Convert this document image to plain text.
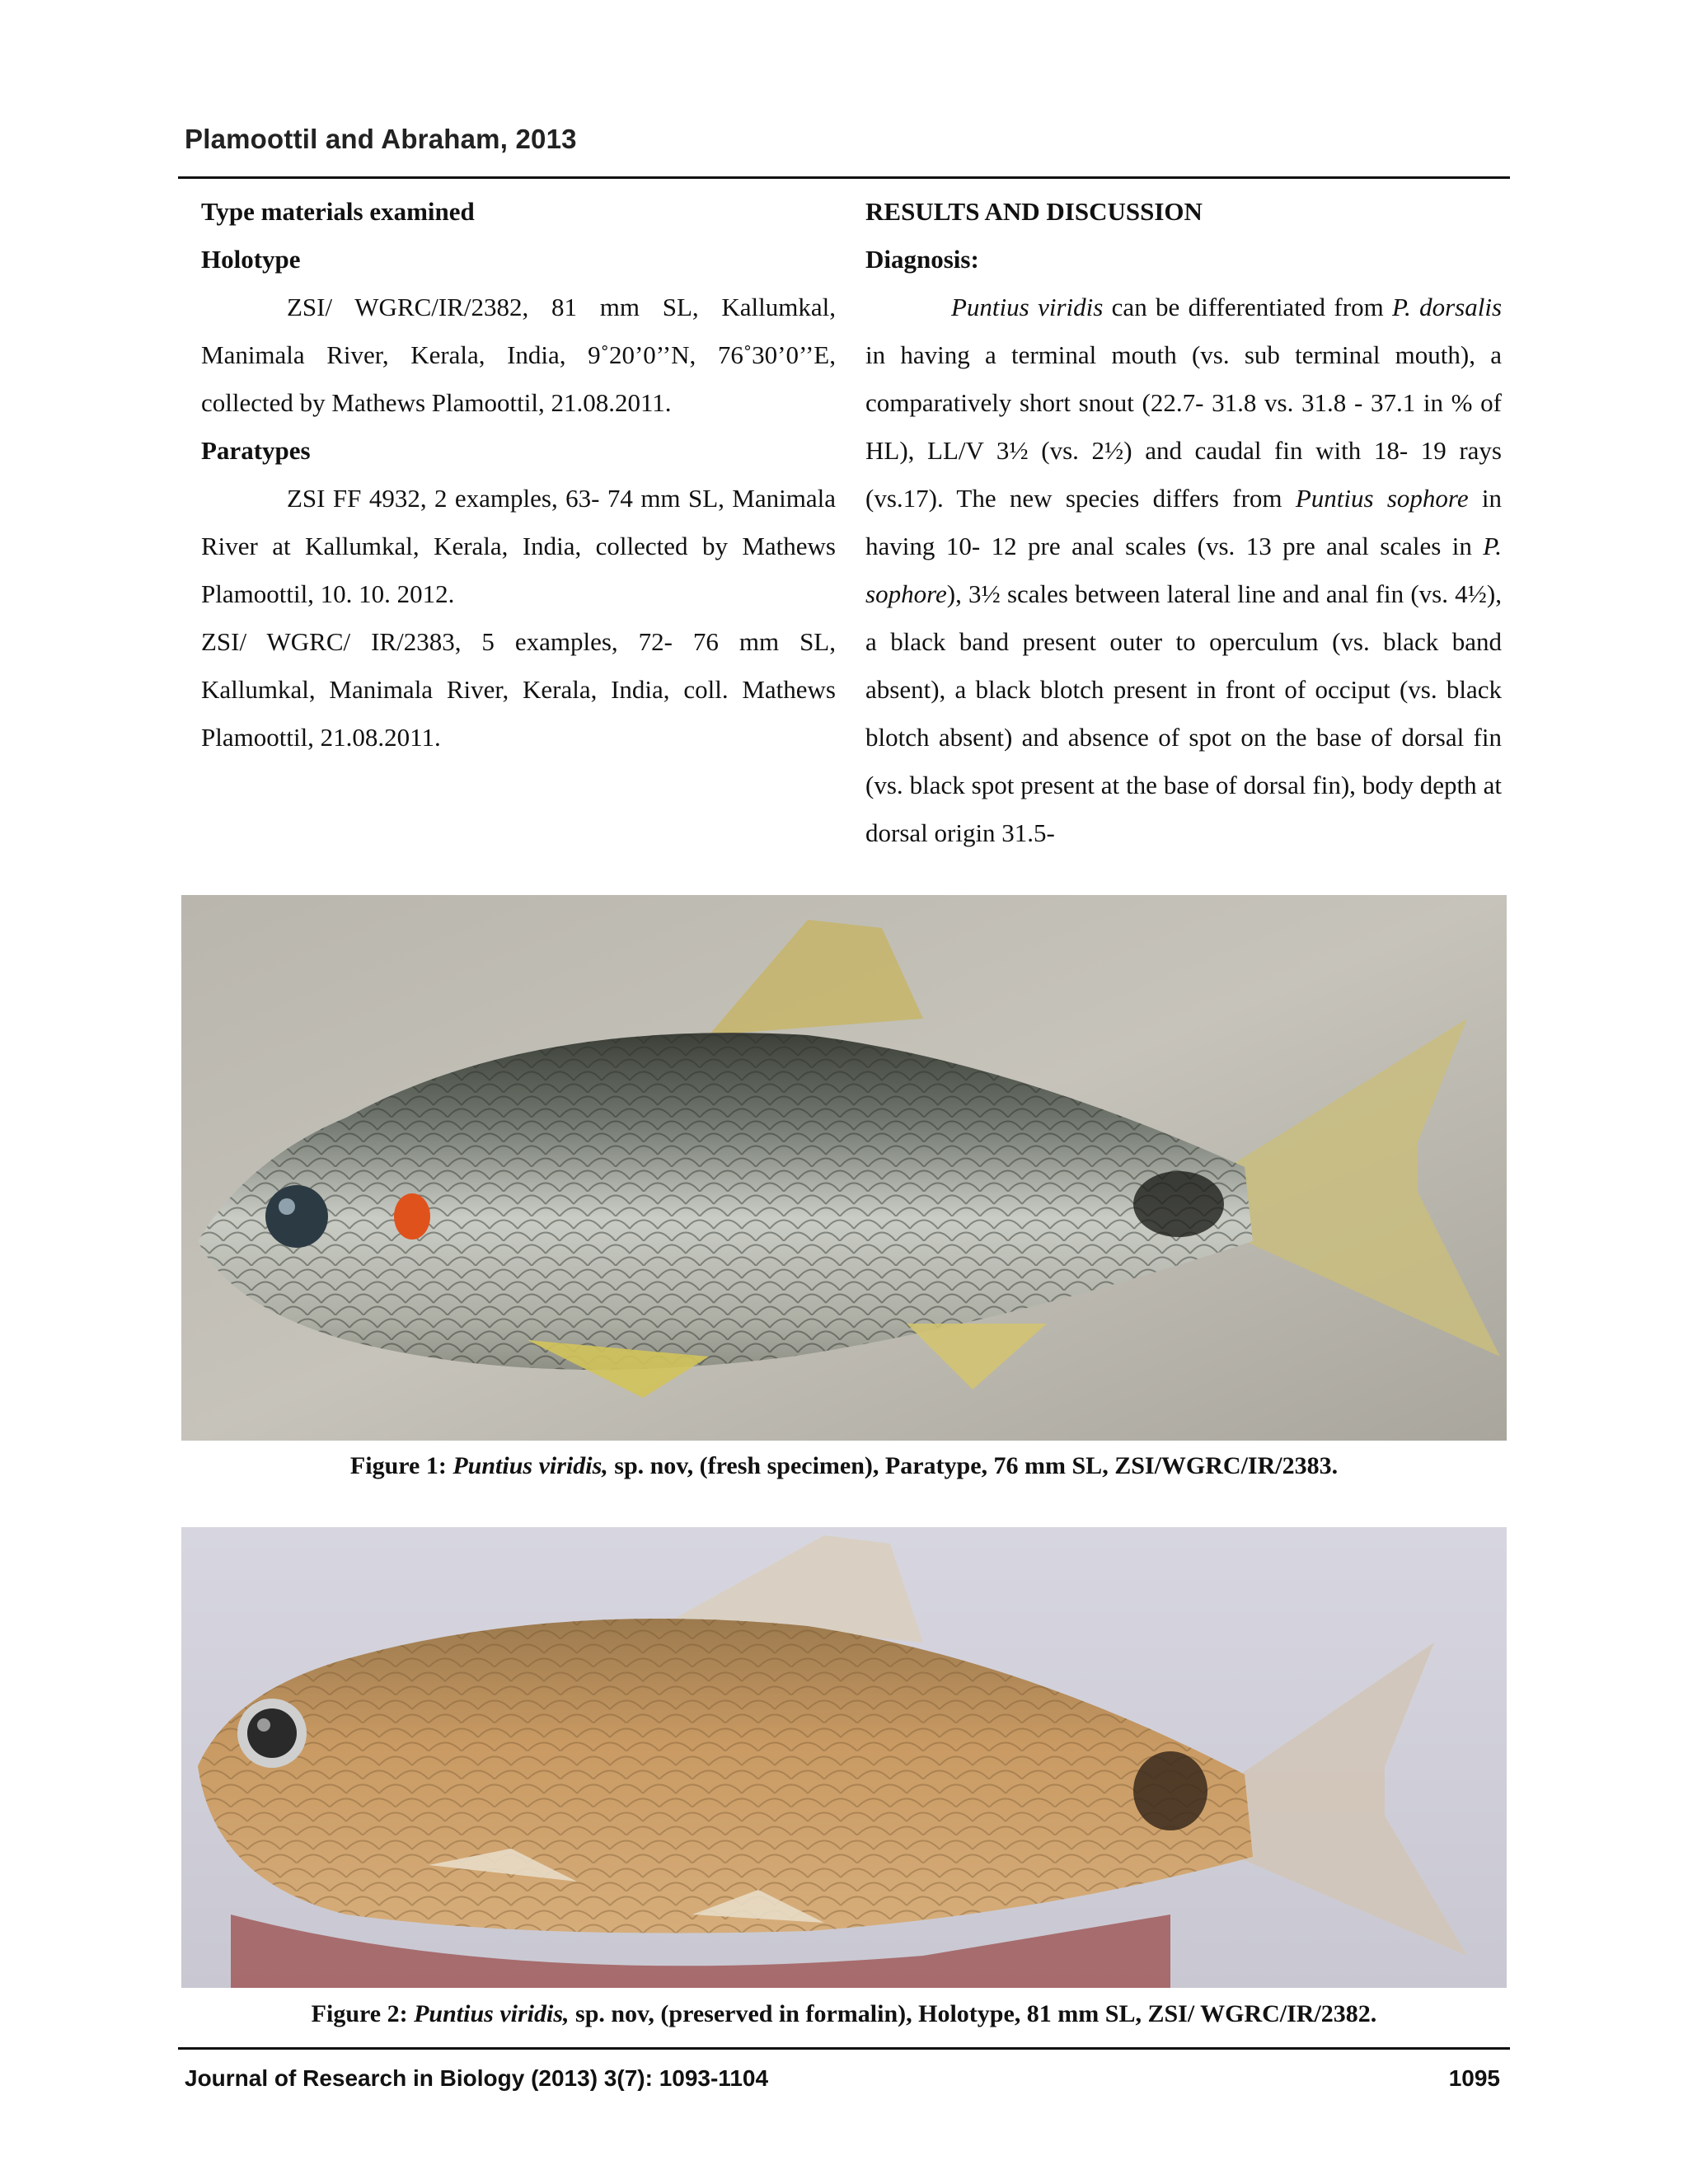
Plamoottil and Abraham, 2013

Type materials examined

Holotype

ZSI/ WGRC/IR/2382, 81 mm SL, Kallumkal, Manimala River, Kerala, India, 9˚20’0’’N, 76˚30’0’’E, collected by Mathews Plamoottil, 21.08.2011.

Paratypes

ZSI FF 4932, 2 examples, 63- 74 mm SL, Manimala River at Kallumkal, Kerala, India, collected by Mathews Plamoottil, 10. 10. 2012.

ZSI/ WGRC/ IR/2383, 5 examples, 72- 76 mm SL, Kallumkal, Manimala River, Kerala, India, coll. Mathews Plamoottil, 21.08.2011.

RESULTS AND DISCUSSION

Diagnosis:

Puntius viridis can be differentiated from P. dorsalis in having a terminal mouth (vs. sub terminal mouth), a comparatively short snout (22.7- 31.8 vs. 31.8 - 37.1 in % of HL), LL/V 3½ (vs. 2½) and caudal fin with 18- 19 rays (vs.17). The new species differs from Puntius sophore in having 10- 12 pre anal scales (vs. 13 pre anal scales in P. sophore), 3½ scales between lateral line and anal fin (vs. 4½), a black band present outer to operculum (vs. black band absent), a black blotch present in front of occiput (vs. black blotch absent) and absence of spot on the base of dorsal fin (vs. black spot present at the base of dorsal fin), body depth at dorsal origin 31.5-

Figure 1: Puntius viridis, sp. nov, (fresh specimen), Paratype, 76 mm SL, ZSI/WGRC/IR/2383.
Figure 2: Puntius viridis, sp. nov, (preserved in formalin), Holotype, 81 mm SL, ZSI/ WGRC/IR/2382.
Journal of Research in Biology (2013) 3(7): 1093-1104	1095
